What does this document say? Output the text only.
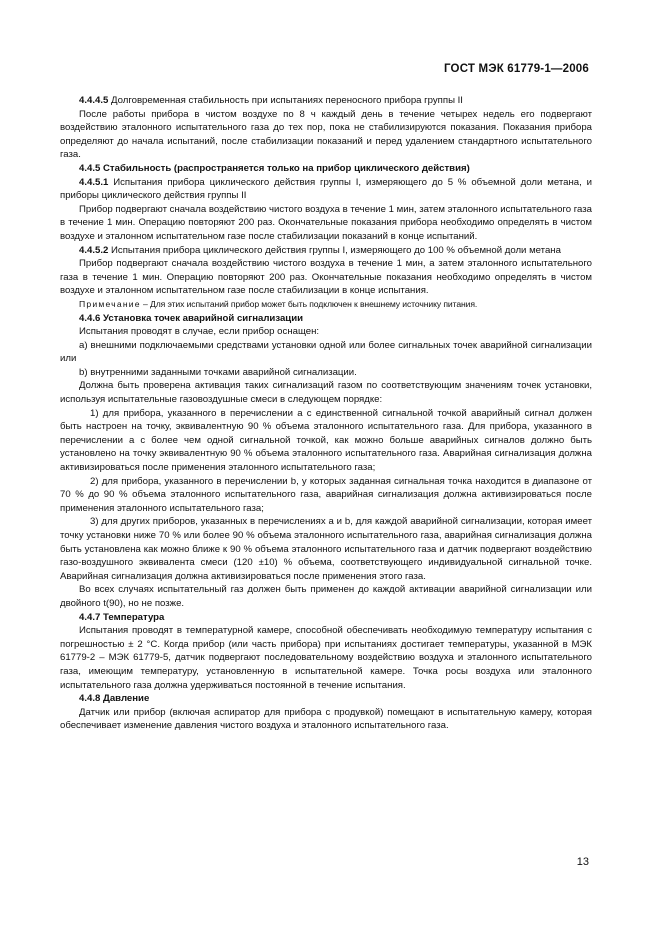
ГОСТ МЭК 61779-1—2006

4.4.4.5 Долговременная стабильность при испытаниях переносного прибора группы II

После работы прибора в чистом воздухе по 8 ч каждый день в течение четырех недель его подвергают воздействию эталонного испытательного газа до тех пор, пока не стабилизируются показания. Показания прибора определяют до начала испытаний, после стабилизации показаний и перед удалением стандартного испытательного газа.

4.4.5 Стабильность (распространяется только на прибор циклического действия)

4.4.5.1 Испытания прибора циклического действия группы I, измеряющего до 5 % объемной доли метана, и приборы циклического действия группы II

Прибор подвергают сначала воздействию чистого воздуха в течение 1 мин, затем эталонного испытательного газа в течение 1 мин. Операцию повторяют 200 раз. Окончательные показания прибора необходимо определять в чистом воздухе и эталонном испытательном газе после стабилизации показаний в конце испытаний.

4.4.5.2 Испытания прибора циклического действия группы I, измеряющего до 100 % объемной доли метана

Прибор подвергают сначала воздействию чистого воздуха в течение 1 мин, а затем эталонного испытательного газа в течение 1 мин. Операцию повторяют 200 раз. Окончательные показания необходимо определять в чистом воздухе и эталонном испытательном газе после стабилизации в конце испытания.

Примечание – Для этих испытаний прибор может быть подключен к внешнему источнику питания.

4.4.6 Установка точек аварийной сигнализации

Испытания проводят в случае, если прибор оснащен:

a) внешними подключаемыми средствами установки одной или более сигнальных точек аварийной сигнализации или

b) внутренними заданными точками аварийной сигнализации.

Должна быть проверена активация таких сигнализаций газом по соответствующим значениям точек установки, используя испытательные газовоздушные смеси в следующем порядке:

1) для прибора, указанного в перечислении a с единственной сигнальной точкой аварийный сигнал должен быть настроен на точку, эквивалентную 90 % объема эталонного испытательного газа. Для прибора, указанного в перечислении a с более чем одной сигнальной точкой, как можно больше аварийных сигналов должно быть установлено на точку эквивалентную 90 % объема эталонного испытательного газа. Аварийная сигнализация должна активизироваться после применения эталонного испытательного газа;

2) для прибора, указанного в перечислении b, у которых заданная сигнальная точка находится в диапазоне от 70 % до 90 % объема эталонного испытательного газа, аварийная сигнализация должна активизироваться после применения эталонного испытательного газа;

3) для других приборов, указанных в перечислениях a и b, для каждой аварийной сигнализации, которая имеет точку установки ниже 70 % или более 90 % объема эталонного испытательного газа, аварийная сигнализация должна быть установлена как можно ближе к 90 % объема эталонного испытательного газа и датчик подвергают воздействию газо-воздушного эквивалента смеси (120 ±10) % объема, соответствующего индивидуальной сигнальной точке. Аварийная сигнализация должна активизироваться после применения этого газа.

Во всех случаях испытательный газ должен быть применен до каждой активации аварийной сигнализации или двойного t(90), но не позже.

4.4.7 Температура

Испытания проводят в температурной камере, способной обеспечивать необходимую температуру испытания с погрешностью ± 2 °С. Когда прибор (или часть прибора) при испытаниях достигает температуры, указанной в МЭК 61779-2 – МЭК 61779-5, датчик подвергают последовательному воздействию воздуха и эталонного испытательного газа, имеющим температуру, установленную в испытательной камере. Точка росы воздуха или эталонного испытательного газа должна удерживаться постоянной в течение испытания.

4.4.8 Давление

Датчик или прибор (включая аспиратор для прибора с продувкой) помещают в испытательную камеру, которая обеспечивает изменение давления чистого воздуха и эталонного испытательного газа.

13
